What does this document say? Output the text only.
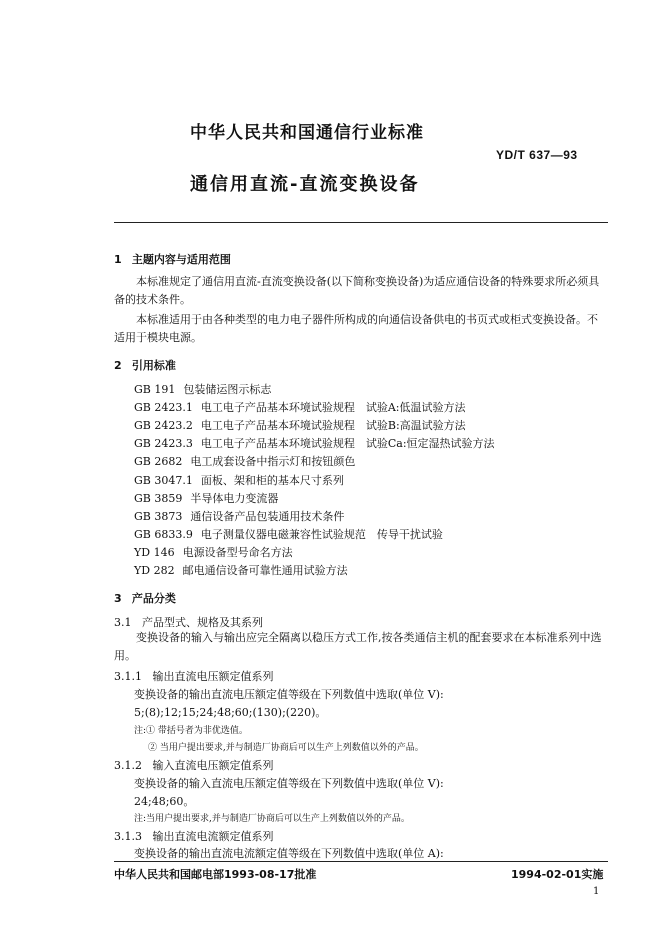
中华人民共和国通信行业标准
YD/T 637—93
通信用直流-直流变换设备
1 主题内容与适用范围
本标准规定了通信用直流-直流变换设备(以下简称变换设备)为适应通信设备的特殊要求所必须具备的技术条件。
本标准适用于由各种类型的电力电子器件所构成的向通信设备供电的书页式或柜式变换设备。不适用于模块电源。
2 引用标准
GB 191 包装储运图示标志
GB 2423.1 电工电子产品基本环境试验规程　试验A:低温试验方法
GB 2423.2 电工电子产品基本环境试验规程　试验B:高温试验方法
GB 2423.3 电工电子产品基本环境试验规程　试验Ca:恒定湿热试验方法
GB 2682 电工成套设备中指示灯和按钮颜色
GB 3047.1 面板、架和柜的基本尺寸系列
GB 3859 半导体电力变流器
GB 3873 通信设备产品包装通用技术条件
GB 6833.9 电子测量仪器电磁兼容性试验规范　传导干扰试验
YD 146 电源设备型号命名方法
YD 282 邮电通信设备可靠性通用试验方法
3 产品分类
3.1 产品型式、规格及其系列
变换设备的输入与输出应完全隔离以稳压方式工作,按各类通信主机的配套要求在本标准系列中选用。
3.1.1 输出直流电压额定值系列
变换设备的输出直流电压额定值等级在下列数值中选取(单位 V):
5;(8);12;15;24;48;60;(130);(220)。
注:① 带括号者为非优选值。
② 当用户提出要求,并与制造厂协商后可以生产上列数值以外的产品。
3.1.2 输入直流电压额定值系列
变换设备的输入直流电压额定值等级在下列数值中选取(单位 V):
24;48;60。
注:当用户提出要求,并与制造厂协商后可以生产上列数值以外的产品。
3.1.3 输出直流电流额定值系列
变换设备的输出直流电流额定值等级在下列数值中选取(单位 A):
中华人民共和国邮电部1993-08-17批准	1994-02-01实施
1
